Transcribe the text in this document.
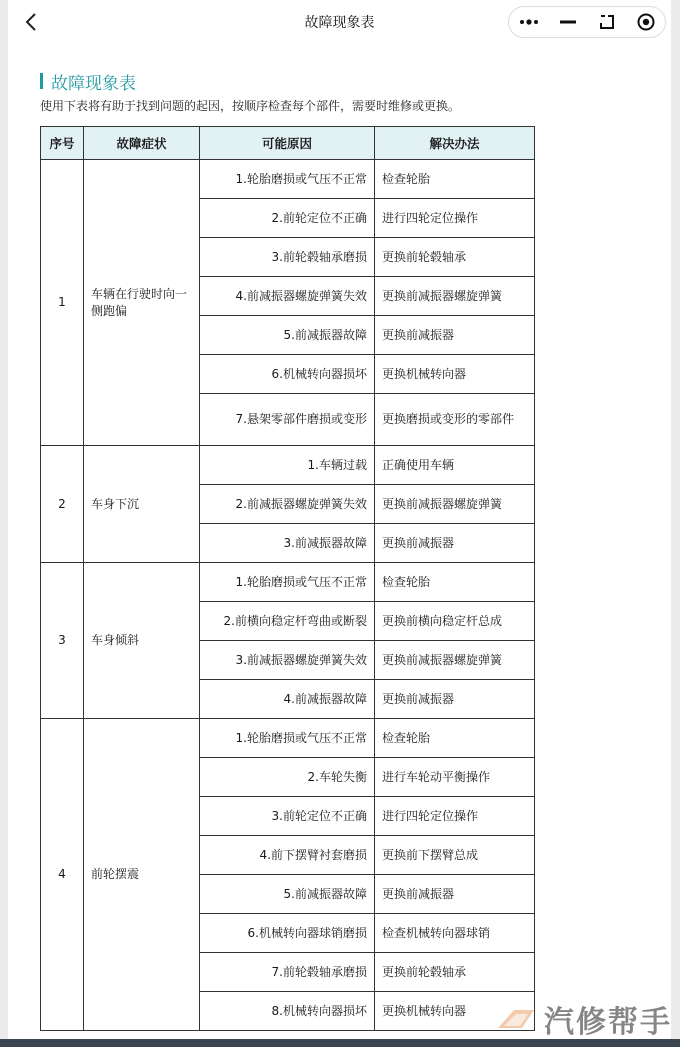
故障现象表
故障现象表
使用下表将有助于找到问题的起因，按顺序检查每个部件，需要时维修或更换。
序号	故障症状	可能原因	解决办法
1	车辆在行驶时向一侧跑偏	1.轮胎磨损或气压不正常	检查轮胎
		2.前轮定位不正确	进行四轮定位操作
		3.前轮毂轴承磨损	更换前轮毂轴承
		4.前减振器螺旋弹簧失效	更换前减振器螺旋弹簧
		5.前减振器故障	更换前减振器
		6.机械转向器损坏	更换机械转向器
		7.悬架零部件磨损或变形	更换磨损或变形的零部件
2	车身下沉	1.车辆过载	正确使用车辆
		2.前减振器螺旋弹簧失效	更换前减振器螺旋弹簧
		3.前减振器故障	更换前减振器
3	车身倾斜	1.轮胎磨损或气压不正常	检查轮胎
		2.前横向稳定杆弯曲或断裂	更换前横向稳定杆总成
		3.前减振器螺旋弹簧失效	更换前减振器螺旋弹簧
		4.前减振器故障	更换前减振器
4	前轮摆震	1.轮胎磨损或气压不正常	检查轮胎
		2.车轮失衡	进行车轮动平衡操作
		3.前轮定位不正确	进行四轮定位操作
		4.前下摆臂衬套磨损	更换前下摆臂总成
		5.前减振器故障	更换前减振器
		6.机械转向器球销磨损	检查机械转向器球销
		7.前轮毂轴承磨损	更换前轮毂轴承
		8.机械转向器损坏	更换机械转向器	汽修帮手
